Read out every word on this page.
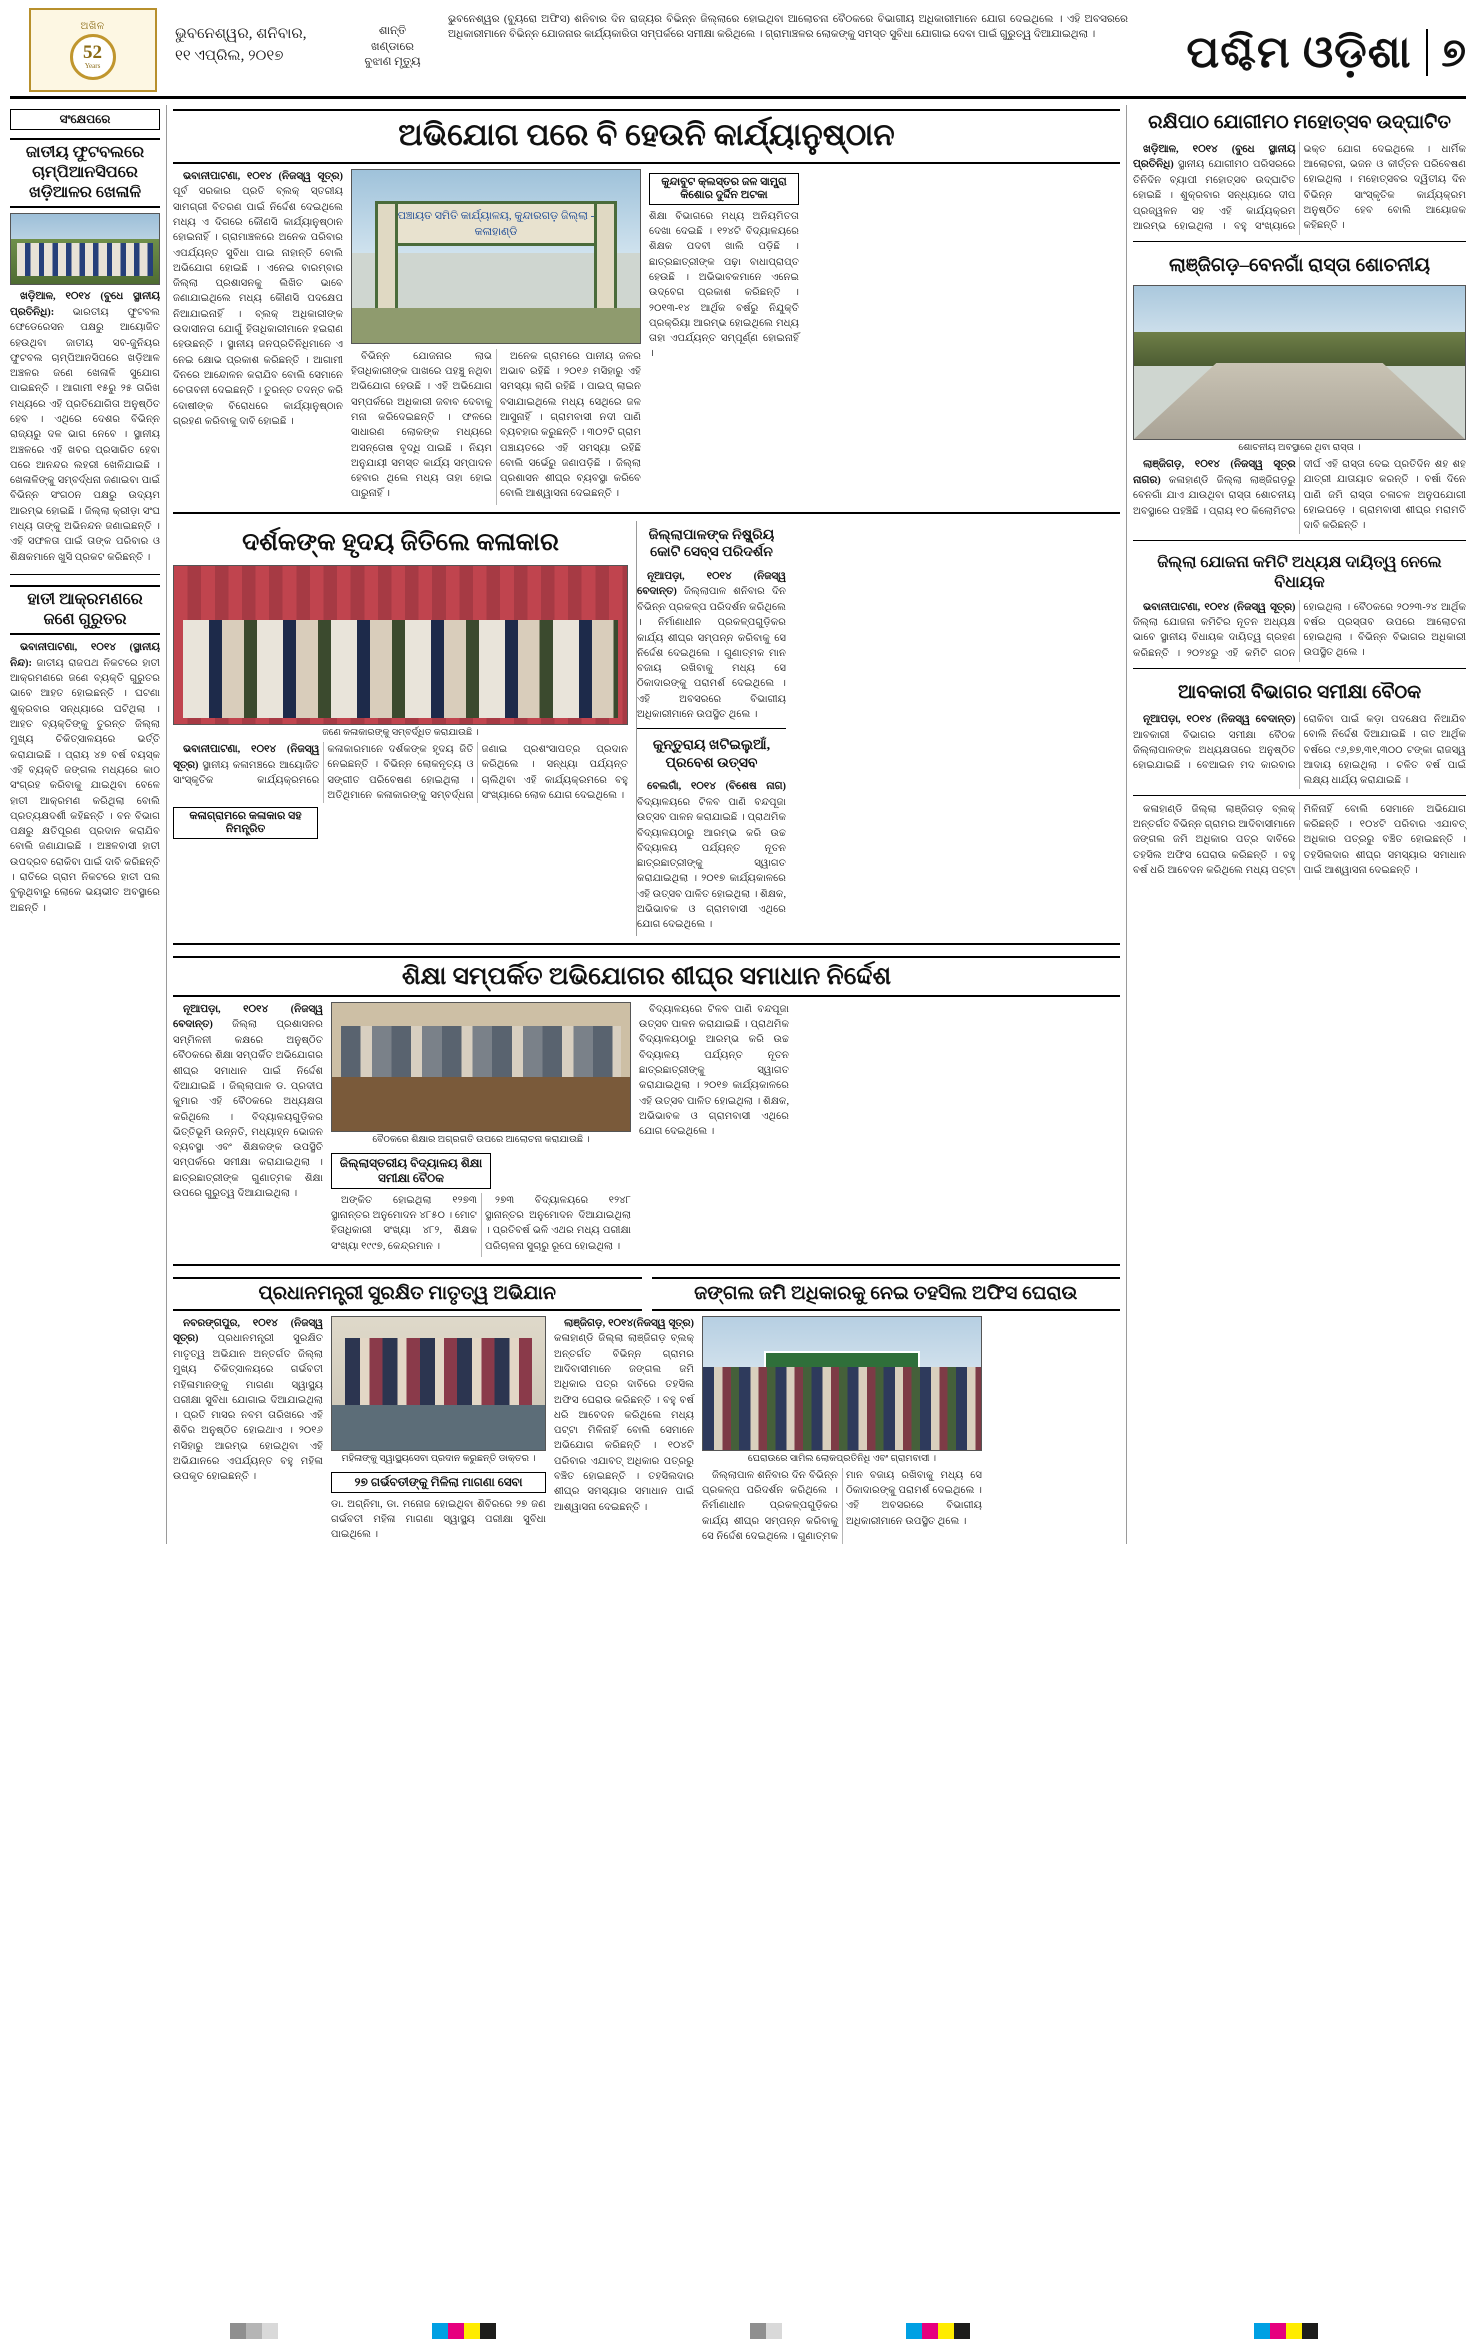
ଅଖିଳ
52
Years
ଭୁବନେଶ୍ୱର, ଶନିବାର,
୧୧ ଏପ୍ରିଲ, ୨୦୧୭
ଶାନ୍ତି
ଖଣ୍ଡାରେ
ବୁଝାଣ ମୃତ୍ୟୁ

ଭୁବନେଶ୍ୱର (ବ୍ୟୁରୋ ଅଫିସ) ଶନିବାର ଦିନ ରାଜ୍ୟର ବିଭିନ୍ନ ଜିଲ୍ଲାରେ ହୋଇଥିବା ଆଲୋଚନା ବୈଠକରେ ବିଭାଗୀୟ ଅଧିକାରୀମାନେ ଯୋଗ ଦେଇଥିଲେ । ଏହି ଅବସରରେ ଅଧିକାରୀମାନେ ବିଭିନ୍ନ ଯୋଜନାର କାର୍ଯ୍ୟକାରିତା ସମ୍ପର୍କରେ ସମୀକ୍ଷା କରିଥିଲେ । ଗ୍ରାମାଞ୍ଚଳର ଲୋକଙ୍କୁ ସମସ୍ତ ସୁବିଧା ଯୋଗାଇ ଦେବା ପାଇଁ ଗୁରୁତ୍ୱ ଦିଆଯାଇଥିଲା ।	ପଶ୍ଚିମ ଓଡ଼ିଶା ୭
ସଂକ୍ଷେପରେ
ଜାତୀୟ ଫୁଟବଲରେ ଚାମ୍ପିଆନସିପରେ ଖଡ଼ିଆଳର ଖେଳାଳି

ଖଡ଼ିଆଳ, ୧୦୧୪ (ବୁଧେ ସ୍ଥାନୀୟ ପ୍ରତିନିଧି): ଭାରତୀୟ ଫୁଟବଲ ଫେଡେରେସନ ପକ୍ଷରୁ ଆୟୋଜିତ ହେଉଥିବା ଜାତୀୟ ସବ-ଜୁନିୟର ଫୁଟବଲ ଚାମ୍ପିଆନସିପରେ ଖଡ଼ିଆଳ ଅଞ୍ଚଳର ଜଣେ ଖେଳାଳି ସୁଯୋଗ ପାଇଛନ୍ତି । ଆଗାମୀ ୧୫ରୁ ୨୫ ତାରିଖ ମଧ୍ୟରେ ଏହି ପ୍ରତିଯୋଗିତା ଅନୁଷ୍ଠିତ ହେବ । ଏଥିରେ ଦେଶର ବିଭିନ୍ନ ରାଜ୍ୟରୁ ଦଳ ଭାଗ ନେବେ । ସ୍ଥାନୀୟ ଅଞ୍ଚଳରେ ଏହି ଖବର ପ୍ରସାରିତ ହେବା ପରେ ଆନନ୍ଦର ଲହରୀ ଖେଳିଯାଇଛି । ଖେଳାଳିଙ୍କୁ ସମ୍ବର୍ଦ୍ଧନା ଜଣାଇବା ପାଇଁ ବିଭିନ୍ନ ସଂଗଠନ ପକ୍ଷରୁ ଉଦ୍ୟମ ଆରମ୍ଭ ହୋଇଛି । ଜିଲ୍ଲା କ୍ରୀଡ଼ା ସଂଘ ମଧ୍ୟ ତାଙ୍କୁ ଅଭିନନ୍ଦନ ଜଣାଇଛନ୍ତି । ଏହି ସଫଳତା ପାଇଁ ତାଙ୍କ ପରିବାର ଓ ଶିକ୍ଷକମାନେ ଖୁସି ପ୍ରକଟ କରିଛନ୍ତି ।

ହାତୀ ଆକ୍ରମଣରେ ଜଣେ ଗୁରୁତର

ଭବାନୀପାଟଣା, ୧୦୧୪ (ସ୍ଥାନୀୟ ନିନ୍ଦ): ଜାତୀୟ ରାଜପଥ ନିକଟରେ ହାତୀ ଆକ୍ରମଣରେ ଜଣେ ବ୍ୟକ୍ତି ଗୁରୁତର ଭାବେ ଆହତ ହୋଇଛନ୍ତି । ଘଟଣା ଶୁକ୍ରବାର ସନ୍ଧ୍ୟାରେ ଘଟିଥିଲା । ଆହତ ବ୍ୟକ୍ତିଙ୍କୁ ତୁରନ୍ତ ଜିଲ୍ଲା ମୁଖ୍ୟ ଚିକିତ୍ସାଳୟରେ ଭର୍ତ୍ତି କରାଯାଇଛି । ପ୍ରାୟ ୪୭ ବର୍ଷ ବୟସ୍କ ଏହି ବ୍ୟକ୍ତି ଜଙ୍ଗଲ ମଧ୍ୟରେ କାଠ ସଂଗ୍ରହ କରିବାକୁ ଯାଇଥିବା ବେଳେ ହାତୀ ଆକ୍ରମଣ କରିଥିଲା ବୋଲି ପ୍ରତ୍ୟକ୍ଷଦର୍ଶୀ କହିଛନ୍ତି । ବନ ବିଭାଗ ପକ୍ଷରୁ କ୍ଷତିପୂରଣ ପ୍ରଦାନ କରାଯିବ ବୋଲି ଜଣାଯାଇଛି । ଅଞ୍ଚଳବାସୀ ହାତୀ ଉପଦ୍ରବ ରୋକିବା ପାଇଁ ଦାବି କରିଛନ୍ତି । ରାତିରେ ଗ୍ରାମ ନିକଟରେ ହାତୀ ପଲ ବୁଲୁଥିବାରୁ ଲୋକେ ଭୟଭୀତ ଅବସ୍ଥାରେ ଅଛନ୍ତି ।

ଅଭିଯୋଗ ପରେ ବି ହେଉନି କାର୍ଯ୍ୟାନୁଷ୍ଠାନ

ଭବାନୀପାଟଣା, ୧୦୧୪ (ନିଜସ୍ୱ ସୂତ୍ର) ପୂର୍ବ ସରକାର ପ୍ରତି ବ୍ଲକ୍‌ ସ୍ତରୀୟ ସାମଗ୍ରୀ ବିତରଣ ପାଇଁ ନିର୍ଦ୍ଦେଶ ଦେଇଥିଲେ ମଧ୍ୟ ଏ ଦିଗରେ କୌଣସି କାର୍ଯ୍ୟାନୁଷ୍ଠାନ ହୋଇନାହିଁ । ଗ୍ରାମାଞ୍ଚଳରେ ଅନେକ ପରିବାର ଏପର୍ଯ୍ୟନ୍ତ ସୁବିଧା ପାଇ ନାହାନ୍ତି ବୋଲି ଅଭିଯୋଗ ହୋଇଛି । ଏନେଇ ବାରମ୍ବାର ଜିଲ୍ଲା ପ୍ରଶାସନକୁ ଲିଖିତ ଭାବେ ଜଣାଯାଇଥିଲେ ମଧ୍ୟ କୌଣସି ପଦକ୍ଷେପ ନିଆଯାଇନାହିଁ । ବ୍ଲକ୍ ଅଧିକାରୀଙ୍କ ଉଦାସୀନତା ଯୋଗୁଁ ହିତାଧିକାରୀମାନେ ହଇରାଣ ହେଉଛନ୍ତି । ସ୍ଥାନୀୟ ଜନପ୍ରତିନିଧିମାନେ ଏ ନେଇ କ୍ଷୋଭ ପ୍ରକାଶ କରିଛନ୍ତି । ଆଗାମୀ ଦିନରେ ଆନ୍ଦୋଳନ କରାଯିବ ବୋଲି ସେମାନେ ଚେତାବନୀ ଦେଇଛନ୍ତି । ତୁରନ୍ତ ତଦନ୍ତ କରି ଦୋଷୀଙ୍କ ବିରୋଧରେ କାର୍ଯ୍ୟାନୁଷ୍ଠାନ ଗ୍ରହଣ କରିବାକୁ ଦାବି ହୋଇଛି ।

ପଞ୍ଚାୟତ ସମିତି କାର୍ଯ୍ୟାଳୟ, କୁନ୍ଦାରଗଡ଼ ଜିଲ୍ଲା - କଳାହାଣ୍ଡି

ବିଭିନ୍ନ ଯୋଜନାର ଲାଭ ହିତାଧିକାରୀଙ୍କ ପାଖରେ ପହଞ୍ଚୁ ନଥିବା ଅଭିଯୋଗ ହେଉଛି । ଏହି ଅଭିଯୋଗ ସମ୍ପର୍କରେ ଅଧିକାରୀ ଜବାବ ଦେବାକୁ ମନା କରିଦେଇଛନ୍ତି । ଫଳରେ ସାଧାରଣ ଲୋକଙ୍କ ମଧ୍ୟରେ ଅସନ୍ତୋଷ ବୃଦ୍ଧି ପାଇଛି । ନିୟମ ଅନୁଯାୟୀ ସମସ୍ତ କାର୍ଯ୍ୟ ସମ୍ପାଦନ ହେବାର ଥିଲେ ମଧ୍ୟ ତାହା ହୋଇ ପାରୁନାହିଁ ।

ଅନେକ ଗ୍ରାମରେ ପାନୀୟ ଜଳର ଅଭାବ ରହିଛି । ୨୦୧୬ ମସିହାରୁ ଏହି ସମସ୍ୟା ଲାଗି ରହିଛି । ପାଇପ୍ ଲାଇନ ବସାଯାଇଥିଲେ ମଧ୍ୟ ସେଥିରେ ଜଳ ଆସୁନାହିଁ । ଗ୍ରାମବାସୀ ନଦୀ ପାଣି ବ୍ୟବହାର କରୁଛନ୍ତି । ୩୦୨ଟି ଗ୍ରାମ ପଞ୍ଚାୟତରେ ଏହି ସମସ୍ୟା ରହିଛି ବୋଲି ସର୍ଭେରୁ ଜଣାପଡ଼ିଛି । ଜିଲ୍ଲା ପ୍ରଶାସନ ଶୀଘ୍ର ବ୍ୟବସ୍ଥା କରିବେ ବୋଲି ଆଶ୍ୱାସନା ଦେଇଛନ୍ତି ।

କୁନ୍ଦାବୁଟ କ୍ଲସ୍ତର ଜଳ ସାମ୍ପ୍ରା କିଶୋର ଦୁର୍ଦ୍ଦିନ ଅଟକା
ଶିକ୍ଷା ବିଭାଗରେ ମଧ୍ୟ ଅନିୟମିତତା ଦେଖା ଦେଇଛି । ୧୨୪ଟି ବିଦ୍ୟାଳୟରେ ଶିକ୍ଷକ ପଦବୀ ଖାଲି ପଡ଼ିଛି । ଛାତ୍ରଛାତ୍ରୀଙ୍କ ପଢ଼ା ବାଧାପ୍ରାପ୍ତ ହେଉଛି । ଅଭିଭାବକମାନେ ଏନେଇ ଉଦ୍‌ବେଗ ପ୍ରକାଶ କରିଛନ୍ତି । ୨୦୧୩-୧୪ ଆର୍ଥିକ ବର୍ଷରୁ ନିଯୁକ୍ତି ପ୍ରକ୍ରିୟା ଆରମ୍ଭ ହୋଇଥିଲେ ମଧ୍ୟ ତାହା ଏପର୍ଯ୍ୟନ୍ତ ସମ୍ପୂର୍ଣ୍ଣ ହୋଇନାହିଁ ।
ଦର୍ଶକଙ୍କ ହୃଦୟ ଜିତିଲେ କଳାକାର
ଜଣେ କଳାକାରଙ୍କୁ ସମ୍ବର୍ଦ୍ଧିତ କରାଯାଉଛି ।

ଭବାନୀପାଟଣା, ୧୦୧୪ (ନିଜସ୍ୱ ସୂତ୍ର) ସ୍ଥାନୀୟ କଳାମଞ୍ଚରେ ଆୟୋଜିତ ସାଂସ୍କୃତିକ କାର୍ଯ୍ୟକ୍ରମରେ କଳାକାରମାନେ ଦର୍ଶକଙ୍କ ହୃଦୟ ଜିତି ନେଇଛନ୍ତି । ବିଭିନ୍ନ ଲୋକନୃତ୍ୟ ଓ ସଙ୍ଗୀତ ପରିବେଷଣ ହୋଇଥିଲା । ଅତିଥିମାନେ କଳାକାରଙ୍କୁ ସମ୍ବର୍ଦ୍ଧନା ଜଣାଇ ପ୍ରଶଂସାପତ୍ର ପ୍ରଦାନ କରିଥିଲେ । ସନ୍ଧ୍ୟା ପର୍ଯ୍ୟନ୍ତ ଚାଲିଥିବା ଏହି କାର୍ଯ୍ୟକ୍ରମରେ ବହୁ ସଂଖ୍ୟାରେ ଲୋକ ଯୋଗ ଦେଇଥିଲେ ।

କଳାଗ୍ରାମରେ କଳାକାର ସହ ନିମନ୍ତ୍ରିତ
ଜିଲ୍ଲାପାଳଙ୍କ ନିଷ୍କ୍ରିୟ କୋଟି ସେବ୍‌ସ ପରିଦର୍ଶନ

ନୂଆପଡ଼ା, ୧୦୧୪ (ନିଜସ୍ୱ ବେଦାନ୍ତ) ଜିଲ୍ଲାପାଳ ଶନିବାର ଦିନ ବିଭିନ୍ନ ପ୍ରକଳ୍ପ ପରିଦର୍ଶନ କରିଥିଲେ । ନିର୍ମାଣାଧୀନ ପ୍ରକଳ୍ପଗୁଡ଼ିକର କାର୍ଯ୍ୟ ଶୀଘ୍ର ସମ୍ପନ୍ନ କରିବାକୁ ସେ ନିର୍ଦ୍ଦେଶ ଦେଇଥିଲେ । ଗୁଣାତ୍ମକ ମାନ ବଜାୟ ରଖିବାକୁ ମଧ୍ୟ ସେ ଠିକାଦାରଙ୍କୁ ପରାମର୍ଶ ଦେଇଥିଲେ । ଏହି ଅବସରରେ ବିଭାଗୀୟ ଅଧିକାରୀମାନେ ଉପସ୍ଥିତ ଥିଲେ ।

କୁନ୍ତୁରାୟ ଖଟିଇଲୁଆଁ, ପ୍ରବେଶ ଉତ୍ସବ

ବେଲଗାଁ, ୧୦୧୪ (ବିଶେଷ ନାଗ) ବିଦ୍ୟାଳୟରେ ଟିଳବ ପାଣି ବନ୍ଦପୂଜା ଉତ୍ସବ ପାଳନ କରାଯାଇଛି । ପ୍ରାଥମିକ ବିଦ୍ୟାଳୟଠାରୁ ଆରମ୍ଭ କରି ଉଚ୍ଚ ବିଦ୍ୟାଳୟ ପର୍ଯ୍ୟନ୍ତ ନୂତନ ଛାତ୍ରଛାତ୍ରୀଙ୍କୁ ସ୍ୱାଗତ କରାଯାଇଥିଲା । ୨୦୧୭ କାର୍ଯ୍ୟକାଳରେ ଏହି ଉତ୍ସବ ପାଳିତ ହୋଇଥିଲା । ଶିକ୍ଷକ, ଅଭିଭାବକ ଓ ଗ୍ରାମବାସୀ ଏଥିରେ ଯୋଗ ଦେଇଥିଲେ ।

ଶିକ୍ଷା ସମ୍ପର୍କିତ ଅଭିଯୋଗର ଶୀଘ୍ର ସମାଧାନ ନିର୍ଦ୍ଦେଶ

ନୂଆପଡ଼ା, ୧୦୧୪ (ନିଜସ୍ୱ ବେଦାନ୍ତ) ଜିଲ୍ଲା ପ୍ରଶାସନର ସମ୍ମିଳନୀ କକ୍ଷରେ ଅନୁଷ୍ଠିତ ବୈଠକରେ ଶିକ୍ଷା ସମ୍ପର୍କିତ ଅଭିଯୋଗର ଶୀଘ୍ର ସମାଧାନ ପାଇଁ ନିର୍ଦ୍ଦେଶ ଦିଆଯାଇଛି । ଜିଲ୍ଲାପାଳ ଡ. ପ୍ରଦୀପ କୁମାର ଏହି ବୈଠକରେ ଅଧ୍ୟକ୍ଷତା କରିଥିଲେ । ବିଦ୍ୟାଳୟଗୁଡ଼ିକର ଭିତ୍ତିଭୂମି ଉନ୍ନତି, ମଧ୍ୟାହ୍ନ ଭୋଜନ ବ୍ୟବସ୍ଥା ଏବଂ ଶିକ୍ଷକଙ୍କ ଉପସ୍ଥିତି ସମ୍ପର୍କରେ ସମୀକ୍ଷା କରାଯାଇଥିଲା । ଛାତ୍ରଛାତ୍ରୀଙ୍କ ଗୁଣାତ୍ମକ ଶିକ୍ଷା ଉପରେ ଗୁରୁତ୍ୱ ଦିଆଯାଇଥିଲା ।

ବୈଠକରେ ଶିକ୍ଷାର ଅଗ୍ରଗତି ଉପରେ ଆଲୋଚନା କରାଯାଉଛି ।
ଜିଲ୍ଲାସ୍ତରୀୟ ବିଦ୍ୟାଳୟ ଶିକ୍ଷା ସମୀକ୍ଷା ବୈଠକ

ଅଙ୍କିତ ହୋଇଥିଲା ୧୨୭୩ ସ୍ଥାନାନ୍ତର ଅନୁମୋଦନ ୪୮୫୦ । ମୋଟ ହିତାଧିକାରୀ ସଂଖ୍ୟା ୪୮୨, ଶିକ୍ଷକ ସଂଖ୍ୟା ୧୯୯୭, କେନ୍ଦ୍ରମାନ ।

୨୭୩ ବିଦ୍ୟାଳୟରେ ୧୨୪୮ ସ୍ଥାନାନ୍ତର ଅନୁମୋଦନ ଦିଆଯାଇଥିଲା । ପ୍ରତିବର୍ଷ ଭଳି ଏଥର ମଧ୍ୟ ପରୀକ୍ଷା ପରିଚାଳନା ସୁଚାରୁ ରୂପେ ହୋଇଥିଲା ।

ବିଦ୍ୟାଳୟରେ ଟିଳବ ପାଣି ବନ୍ଦପୂଜା ଉତ୍ସବ ପାଳନ କରାଯାଇଛି । ପ୍ରାଥମିକ ବିଦ୍ୟାଳୟଠାରୁ ଆରମ୍ଭ କରି ଉଚ୍ଚ ବିଦ୍ୟାଳୟ ପର୍ଯ୍ୟନ୍ତ ନୂତନ ଛାତ୍ରଛାତ୍ରୀଙ୍କୁ ସ୍ୱାଗତ କରାଯାଇଥିଲା । ୨୦୧୭ କାର୍ଯ୍ୟକାଳରେ ଏହି ଉତ୍ସବ ପାଳିତ ହୋଇଥିଲା । ଶିକ୍ଷକ, ଅଭିଭାବକ ଓ ଗ୍ରାମବାସୀ ଏଥିରେ ଯୋଗ ଦେଇଥିଲେ ।

ପ୍ରଧାନମନ୍ତ୍ରୀ ସୁରକ୍ଷିତ ମାତୃତ୍ୱ ଅଭିଯାନ	ଜଙ୍ଗଲ ଜମି ଅଧିକାରକୁ ନେଇ ତହସିଲ ଅଫିସ ଘେରାଉ

ନବରଙ୍ଗପୁର, ୧୦୧୪ (ନିଜସ୍ୱ ସୂତ୍ର) ପ୍ରଧାନମନ୍ତ୍ରୀ ସୁରକ୍ଷିତ ମାତୃତ୍ୱ ଅଭିଯାନ ଅନ୍ତର୍ଗତ ଜିଲ୍ଲା ମୁଖ୍ୟ ଚିକିତ୍ସାଳୟରେ ଗର୍ଭବତୀ ମହିଳାମାନଙ୍କୁ ମାଗଣା ସ୍ୱାସ୍ଥ୍ୟ ପରୀକ୍ଷା ସୁବିଧା ଯୋଗାଇ ଦିଆଯାଇଥିଲା । ପ୍ରତି ମାସର ନବମ ତାରିଖରେ ଏହି ଶିବିର ଅନୁଷ୍ଠିତ ହୋଇଥାଏ । ୨୦୧୬ ମସିହାରୁ ଆରମ୍ଭ ହୋଇଥିବା ଏହି ଅଭିଯାନରେ ଏପର୍ଯ୍ୟନ୍ତ ବହୁ ମହିଳା ଉପକୃତ ହୋଇଛନ୍ତି ।

ମହିଳାଙ୍କୁ ସ୍ୱାସ୍ଥ୍ୟସେବା ପ୍ରଦାନ କରୁଛନ୍ତି ଡାକ୍ତର ।
୨୭ ଗର୍ଭବତୀଙ୍କୁ ମିଳିଲା ମାଗଣା ସେବା
ଡା. ଅଗ୍ନିମା, ଡା. ମନୋଜ ହୋଇଥିବା ଶିବିରରେ ୨୭ ଜଣ ଗର୍ଭବତୀ ମହିଳା ମାଗଣା ସ୍ୱାସ୍ଥ୍ୟ ପରୀକ୍ଷା ସୁବିଧା ପାଇଥିଲେ ।

ଲାଞ୍ଜିଗଡ଼, ୧୦୧୪(ନିଜସ୍ୱ ସୂତ୍ର) କଳାହାଣ୍ଡି ଜିଲ୍ଲା ଲାଞ୍ଜିଗଡ଼ ବ୍ଲକ୍‌ ଅନ୍ତର୍ଗତ ବିଭିନ୍ନ ଗ୍ରାମର ଆଦିବାସୀମାନେ ଜଙ୍ଗଲ ଜମି ଅଧିକାର ପତ୍ର ଦାବିରେ ତହସିଲ ଅଫିସ ଘେରାଉ କରିଛନ୍ତି । ବହୁ ବର୍ଷ ଧରି ଆବେଦନ କରିଥିଲେ ମଧ୍ୟ ପଟ୍ଟା ମିଳିନାହିଁ ବୋଲି ସେମାନେ ଅଭିଯୋଗ କରିଛନ୍ତି । ୧୦୪ଟି ପରିବାର ଏଯାବତ୍ ଅଧିକାର ପତ୍ରରୁ ବଞ୍ଚିତ ହୋଇଛନ୍ତି । ତହସିଲଦାର ଶୀଘ୍ର ସମସ୍ୟାର ସମାଧାନ ପାଇଁ ଆଶ୍ୱାସନା ଦେଇଛନ୍ତି ।

ଘେରାଉରେ ସାମିଲ ଲୋକପ୍ରତିନିଧି ଏବଂ ଗ୍ରାମବାସୀ ।

ଜିଲ୍ଲାପାଳ ଶନିବାର ଦିନ ବିଭିନ୍ନ ପ୍ରକଳ୍ପ ପରିଦର୍ଶନ କରିଥିଲେ । ନିର୍ମାଣାଧୀନ ପ୍ରକଳ୍ପଗୁଡ଼ିକର କାର୍ଯ୍ୟ ଶୀଘ୍ର ସମ୍ପନ୍ନ କରିବାକୁ ସେ ନିର୍ଦ୍ଦେଶ ଦେଇଥିଲେ । ଗୁଣାତ୍ମକ ମାନ ବଜାୟ ରଖିବାକୁ ମଧ୍ୟ ସେ ଠିକାଦାରଙ୍କୁ ପରାମର୍ଶ ଦେଇଥିଲେ । ଏହି ଅବସରରେ ବିଭାଗୀୟ ଅଧିକାରୀମାନେ ଉପସ୍ଥିତ ଥିଲେ ।

ରକ୍ଷିପାଠ ଯୋଗୀମଠ ମହୋତ୍ସବ ଉଦ୍‌ଘାଟିତ

ଖଡ଼ିଆଳ, ୧୦୧୪ (ବୁଧେ ସ୍ଥାନୀୟ ପ୍ରତିନିଧି) ସ୍ଥାନୀୟ ଯୋଗୀମଠ ପରିସରରେ ତିନିଦିନ ବ୍ୟାପୀ ମହୋତ୍ସବ ଉଦ୍‌ଘାଟିତ ହୋଇଛି । ଶୁକ୍ରବାର ସନ୍ଧ୍ୟାରେ ଦୀପ ପ୍ରଜ୍ୱଳନ ସହ ଏହି କାର୍ଯ୍ୟକ୍ରମ ଆରମ୍ଭ ହୋଇଥିଲା । ବହୁ ସଂଖ୍ୟାରେ ଭକ୍ତ ଯୋଗ ଦେଇଥିଲେ । ଧାର୍ମିକ ଆଲୋଚନା, ଭଜନ ଓ କୀର୍ତ୍ତନ ପରିବେଷଣ ହୋଇଥିଲା । ମହୋତ୍ସବର ଦ୍ୱିତୀୟ ଦିନ ବିଭିନ୍ନ ସାଂସ୍କୃତିକ କାର୍ଯ୍ୟକ୍ରମ ଅନୁଷ୍ଠିତ ହେବ ବୋଲି ଆୟୋଜକ କହିଛନ୍ତି ।

ଲାଞ୍ଜିଗଡ଼–ବେନଗାଁ ରାସ୍ତା ଶୋଚନୀୟ
ଶୋଚନୀୟ ଅବସ୍ଥାରେ ଥିବା ରାସ୍ତା ।

ଲାଞ୍ଜିଗଡ଼, ୧୦୧୪ (ନିଜସ୍ୱ ସୂତ୍ର ନାଗର) କଳାହାଣ୍ଡି ଜିଲ୍ଲା ଲାଞ୍ଜିଗଡ଼ରୁ ବେନଗାଁ ଯାଏ ଯାଉଥିବା ରାସ୍ତା ଶୋଚନୀୟ ଅବସ୍ଥାରେ ପହଞ୍ଚିଛି । ପ୍ରାୟ ୧୦ କିଲୋମିଟର ଦୀର୍ଘ ଏହି ରାସ୍ତା ଦେଇ ପ୍ରତିଦିନ ଶହ ଶହ ଯାତ୍ରୀ ଯାତାୟାତ କରନ୍ତି । ବର୍ଷା ଦିନେ ପାଣି ଜମି ରାସ୍ତା ଚଳାଚଳ ଅନୁପଯୋଗୀ ହୋଇପଡ଼େ । ଗ୍ରାମବାସୀ ଶୀଘ୍ର ମରାମତି ଦାବି କରିଛନ୍ତି ।

ଜିଲ୍ଲା ଯୋଜନା କମିଟି ଅଧ୍ୟକ୍ଷ ଦାୟିତ୍ୱ ନେଲେ ବିଧାୟକ

ଭବାନୀପାଟଣା, ୧୦୧୪ (ନିଜସ୍ୱ ସୂତ୍ର) ଜିଲ୍ଲା ଯୋଜନା କମିଟିର ନୂତନ ଅଧ୍ୟକ୍ଷ ଭାବେ ସ୍ଥାନୀୟ ବିଧାୟକ ଦାୟିତ୍ୱ ଗ୍ରହଣ କରିଛନ୍ତି । ୨୦୨୪ରୁ ଏହି କମିଟି ଗଠନ ହୋଇଥିଲା । ବୈଠକରେ ୨୦୨୩-୨୪ ଆର୍ଥିକ ବର୍ଷର ପ୍ରସ୍ତାବ ଉପରେ ଆଲୋଚନା ହୋଇଥିଲା । ବିଭିନ୍ନ ବିଭାଗର ଅଧିକାରୀ ଉପସ୍ଥିତ ଥିଲେ ।

ଆବକାରୀ ବିଭାଗର ସମୀକ୍ଷା ବୈଠକ

ନୂଆପଡ଼ା, ୧୦୧୪ (ନିଜସ୍ୱ ବେଦାନ୍ତ) ଆବକାରୀ ବିଭାଗର ସମୀକ୍ଷା ବୈଠକ ଜିଲ୍ଲାପାଳଙ୍କ ଅଧ୍ୟକ୍ଷତାରେ ଅନୁଷ୍ଠିତ ହୋଇଯାଇଛି । ବେଆଇନ ମଦ କାରବାର ରୋକିବା ପାଇଁ କଡ଼ା ପଦକ୍ଷେପ ନିଆଯିବ ବୋଲି ନିର୍ଦ୍ଦେଶ ଦିଆଯାଇଛି । ଗତ ଆର୍ଥିକ ବର୍ଷରେ ୯୬,୭୭,୩୧,୩୦୦ ଟଙ୍କା ରାଜସ୍ୱ ଆଦାୟ ହୋଇଥିଲା । ଚଳିତ ବର୍ଷ ପାଇଁ ଲକ୍ଷ୍ୟ ଧାର୍ଯ୍ୟ କରାଯାଇଛି ।

କଳାହାଣ୍ଡି ଜିଲ୍ଲା ଲାଞ୍ଜିଗଡ଼ ବ୍ଲକ୍‌ ଅନ୍ତର୍ଗତ ବିଭିନ୍ନ ଗ୍ରାମର ଆଦିବାସୀମାନେ ଜଙ୍ଗଲ ଜମି ଅଧିକାର ପତ୍ର ଦାବିରେ ତହସିଲ ଅଫିସ ଘେରାଉ କରିଛନ୍ତି । ବହୁ ବର୍ଷ ଧରି ଆବେଦନ କରିଥିଲେ ମଧ୍ୟ ପଟ୍ଟା ମିଳିନାହିଁ ବୋଲି ସେମାନେ ଅଭିଯୋଗ କରିଛନ୍ତି । ୧୦୪ଟି ପରିବାର ଏଯାବତ୍ ଅଧିକାର ପତ୍ରରୁ ବଞ୍ଚିତ ହୋଇଛନ୍ତି । ତହସିଲଦାର ଶୀଘ୍ର ସମସ୍ୟାର ସମାଧାନ ପାଇଁ ଆଶ୍ୱାସନା ଦେଇଛନ୍ତି ।
